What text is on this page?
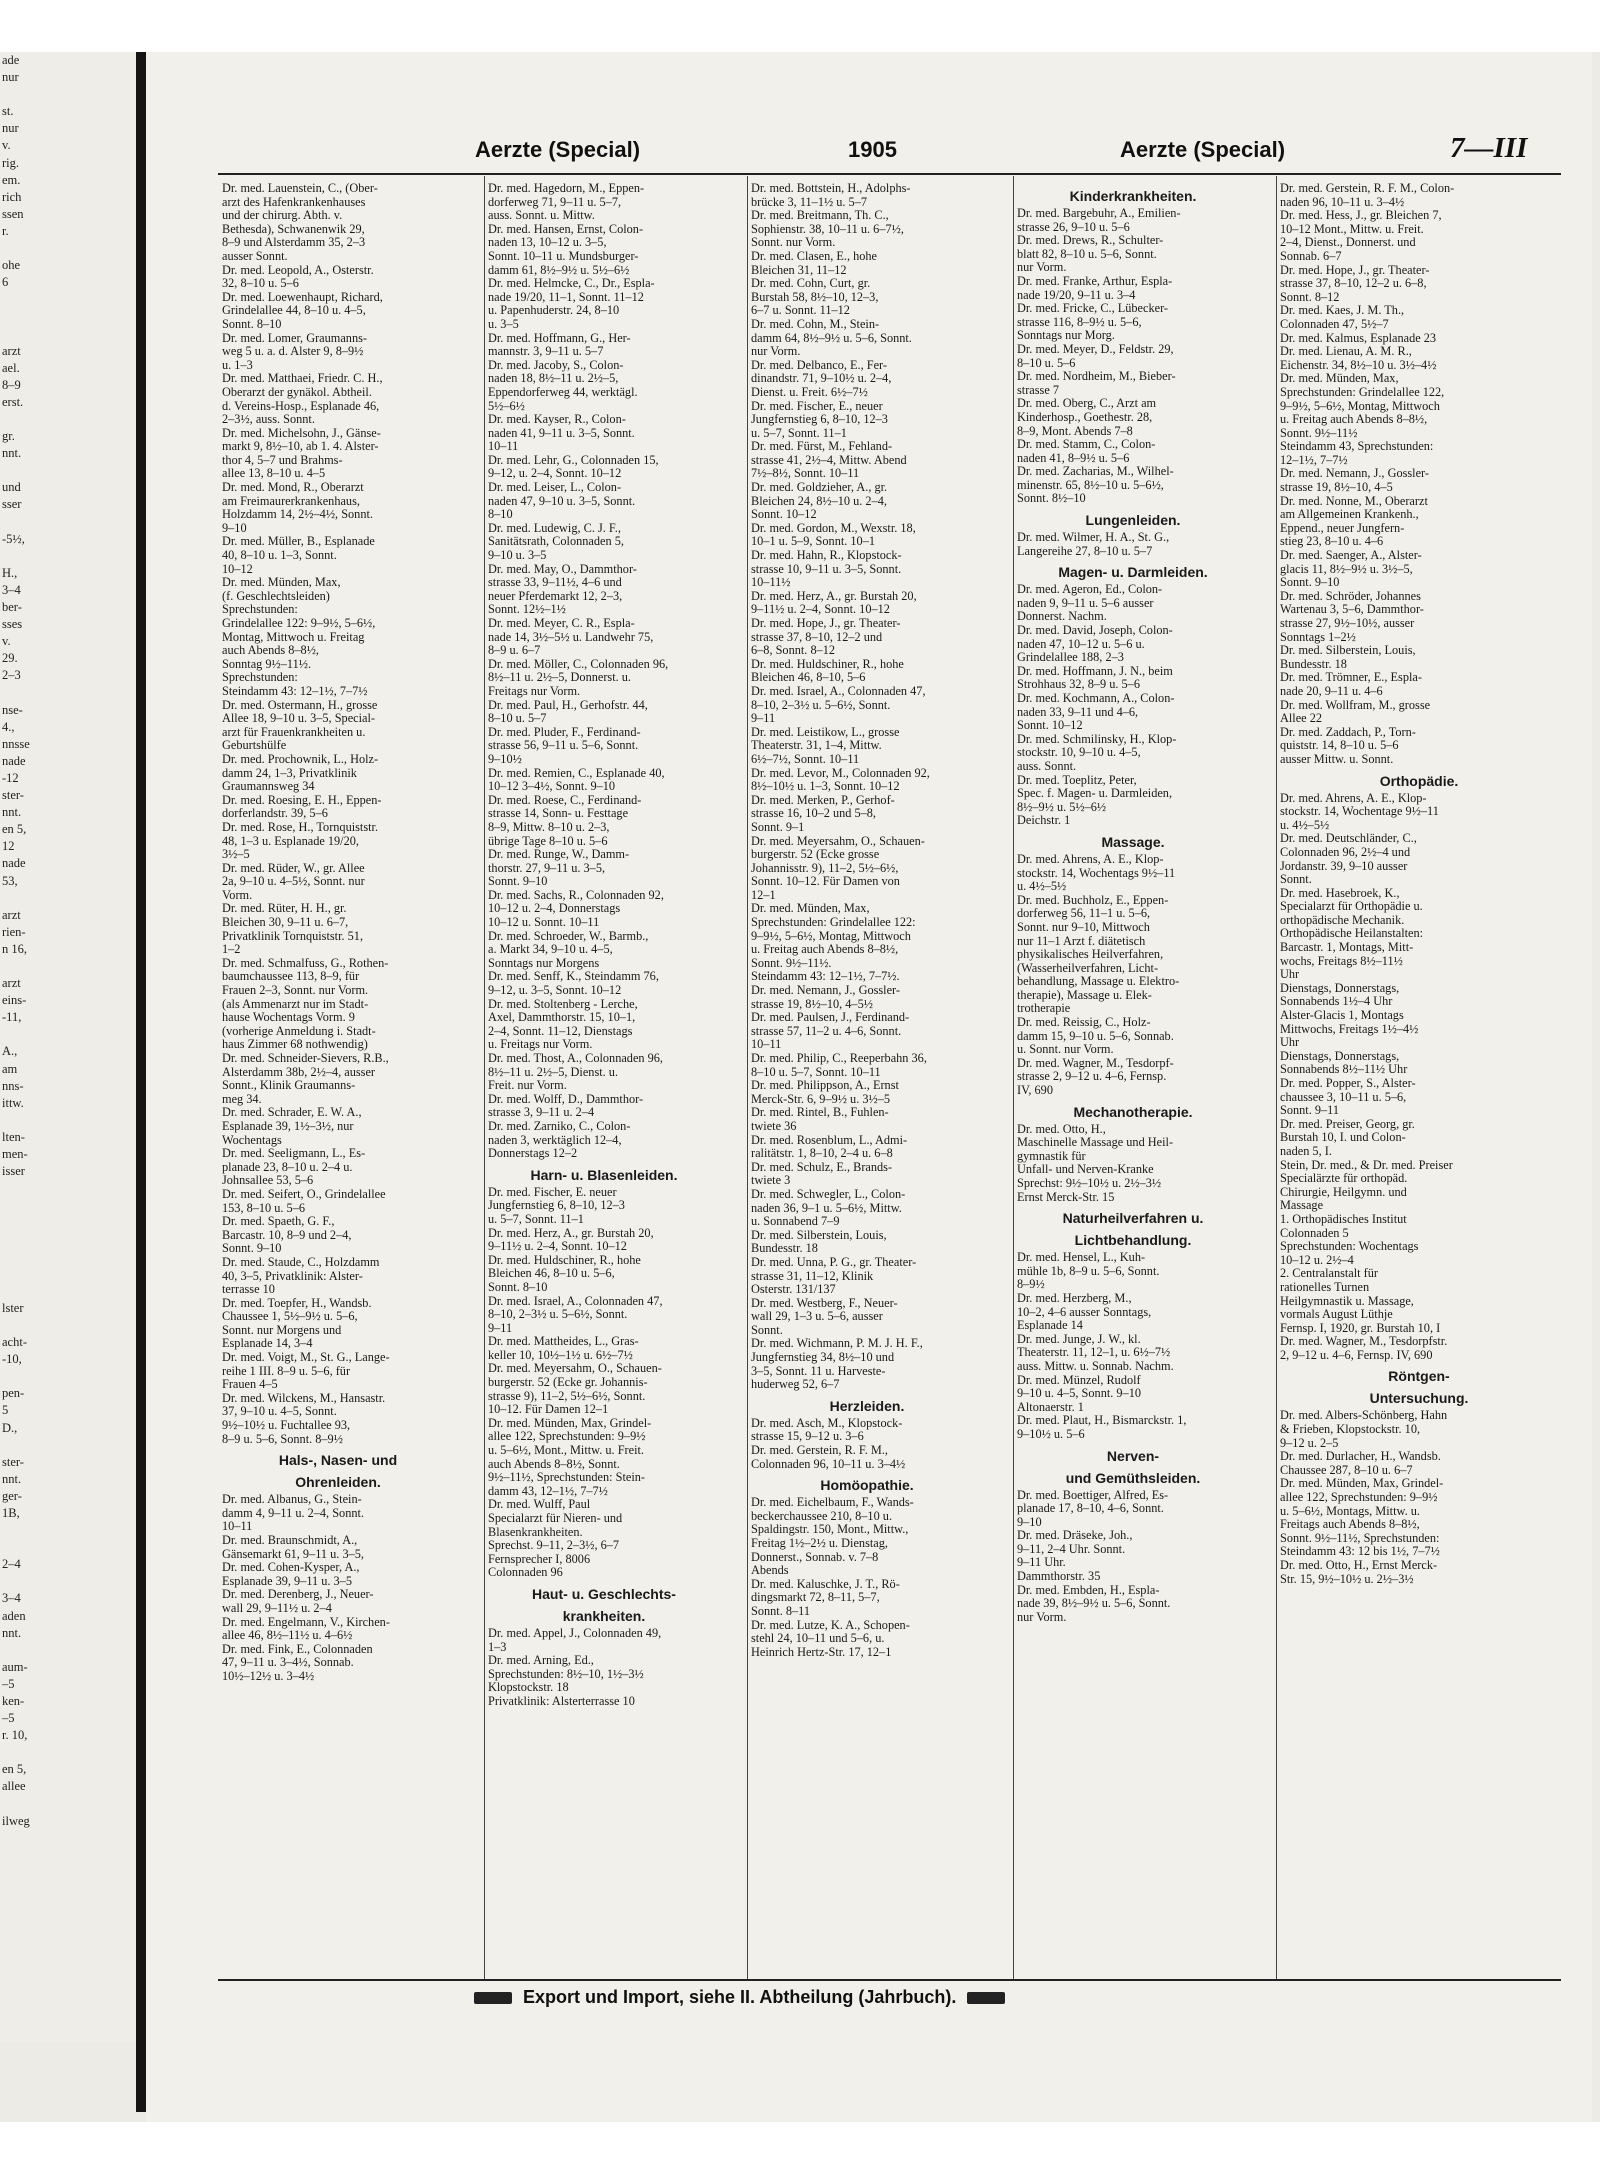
ade
nur

st.
nur
v.
rig.
em.
rich
ssen
r.

ohe
6

arzt
ael.
8–9
erst.

gr.
nnt.

und
sser

-5½,

H.,
3–4
ber-
sses
v.
29.
2–3

nse-
4.,
nnsse
nade
-12
ster-
nnt.
en 5,
12
nade
53,

arzt
rien-
n 16,

arzt
eins-
-11,

A.,
am
nns-
ittw.

lten-
men-
isser

lster

acht-
-10,

pen-
5
D.,

ster-
nnt.
ger-
1B,

2–4

3–4
aden
nnt.

aum-
–5
ken-
–5
r. 10,

en 5,
allee

ilweg
Aerzte (Special)	1905	Aerzte (Special)	7—III
Dr. med. Lauenstein, C., (Ober-
arzt des Hafenkrankenhauses
und der chirurg. Abth. v.
Bethesda), Schwanenwik 29,
8–9 und Alsterdamm 35, 2–3
ausser Sonnt.
Dr. med. Leopold, A., Osterstr.
32, 8–10 u. 5–6
Dr. med. Loewenhaupt, Richard,
Grindelallee 44, 8–10 u. 4–5,
Sonnt. 8–10
Dr. med. Lomer, Graumanns-
weg 5 u. a. d. Alster 9, 8–9½
u. 1–3
Dr. med. Matthaei, Friedr. C. H.,
Oberarzt der gynäkol. Abtheil.
d. Vereins-Hosp., Esplanade 46,
2–3½, auss. Sonnt.
Dr. med. Michelsohn, J., Gänse-
markt 9, 8½–10, ab 1. 4. Alster-
thor 4, 5–7 und Brahms-
allee 13, 8–10 u. 4–5
Dr. med. Mond, R., Oberarzt
am Freimaurerkrankenhaus,
Holzdamm 14, 2½–4½, Sonnt.
9–10
Dr. med. Müller, B., Esplanade
40, 8–10 u. 1–3, Sonnt.
10–12
Dr. med. Münden, Max,
(f. Geschlechtsleiden)
Sprechstunden:
Grindelallee 122: 9–9½, 5–6½,
Montag, Mittwoch u. Freitag
auch Abends 8–8½,
Sonntag 9½–11½.
Sprechstunden:
Steindamm 43: 12–1½, 7–7½
Dr. med. Ostermann, H., grosse
Allee 18, 9–10 u. 3–5, Special-
arzt für Frauenkrankheiten u.
Geburtshülfe
Dr. med. Prochownik, L., Holz-
damm 24, 1–3, Privatklinik
Graumannsweg 34
Dr. med. Roesing, E. H., Eppen-
dorferlandstr. 39, 5–6
Dr. med. Rose, H., Tornquiststr.
48, 1–3 u. Esplanade 19/20,
3½–5
Dr. med. Rüder, W., gr. Allee
2a, 9–10 u. 4–5½, Sonnt. nur
Vorm.
Dr. med. Rüter, H. H., gr.
Bleichen 30, 9–11 u. 6–7,
Privatklinik Tornquiststr. 51,
1–2
Dr. med. Schmalfuss, G., Rothen-
baumchaussee 113, 8–9, für
Frauen 2–3, Sonnt. nur Vorm.
(als Ammenarzt nur im Stadt-
hause Wochentags Vorm. 9
(vorherige Anmeldung i. Stadt-
haus Zimmer 68 nothwendig)
Dr. med. Schneider-Sievers, R.B.,
Alsterdamm 38b, 2½–4, ausser
Sonnt., Klinik Graumanns-
meg 34.
Dr. med. Schrader, E. W. A.,
Esplanade 39, 1½–3½, nur
Wochentags
Dr. med. Seeligmann, L., Es-
planade 23, 8–10 u. 2–4 u.
Johnsallee 53, 5–6
Dr. med. Seifert, O., Grindelallee
153, 8–10 u. 5–6
Dr. med. Spaeth, G. F.,
Barcastr. 10, 8–9 und 2–4,
Sonnt. 9–10
Dr. med. Staude, C., Holzdamm
40, 3–5, Privatklinik: Alster-
terrasse 10
Dr. med. Toepfer, H., Wandsb.
Chaussee 1, 5½–9½ u. 5–6,
Sonnt. nur Morgens und
Esplanade 14, 3–4
Dr. med. Voigt, M., St. G., Lange-
reihe 1 III. 8–9 u. 5–6, für
Frauen 4–5
Dr. med. Wilckens, M., Hansastr.
37, 9–10 u. 4–5, Sonnt.
9½–10½ u. Fuchtallee 93,
8–9 u. 5–6, Sonnt. 8–9½
Hals-, Nasen- und
Ohrenleiden.
Dr. med. Albanus, G., Stein-
damm 4, 9–11 u. 2–4, Sonnt.
10–11
Dr. med. Braunschmidt, A.,
Gänsemarkt 61, 9–11 u. 3–5,
Dr. med. Cohen-Kysper, A.,
Esplanade 39, 9–11 u. 3–5
Dr. med. Derenberg, J., Neuer-
wall 29, 9–11½ u. 2–4
Dr. med. Engelmann, V., Kirchen-
allee 46, 8½–11½ u. 4–6½
Dr. med. Fink, E., Colonnaden
47, 9–11 u. 3–4½, Sonnab.
10½–12½ u. 3–4½
Dr. med. Hagedorn, M., Eppen-
dorferweg 71, 9–11 u. 5–7,
auss. Sonnt. u. Mittw.
Dr. med. Hansen, Ernst, Colon-
naden 13, 10–12 u. 3–5,
Sonnt. 10–11 u. Mundsburger-
damm 61, 8½–9½ u. 5½–6½
Dr. med. Helmcke, C., Dr., Espla-
nade 19/20, 11–1, Sonnt. 11–12
u. Papenhuderstr. 24, 8–10
u. 3–5
Dr. med. Hoffmann, G., Her-
mannstr. 3, 9–11 u. 5–7
Dr. med. Jacoby, S., Colon-
naden 18, 8½–11 u. 2½–5,
Eppendorferweg 44, werktägl.
5½–6½
Dr. med. Kayser, R., Colon-
naden 41, 9–11 u. 3–5, Sonnt.
10–11
Dr. med. Lehr, G., Colonnaden 15,
9–12, u. 2–4, Sonnt. 10–12
Dr. med. Leiser, L., Colon-
naden 47, 9–10 u. 3–5, Sonnt.
8–10
Dr. med. Ludewig, C. J. F.,
Sanitätsrath, Colonnaden 5,
9–10 u. 3–5
Dr. med. May, O., Dammthor-
strasse 33, 9–11½, 4–6 und
neuer Pferdemarkt 12, 2–3,
Sonnt. 12½–1½
Dr. med. Meyer, C. R., Espla-
nade 14, 3½–5½ u. Landwehr 75,
8–9 u. 6–7
Dr. med. Möller, C., Colonnaden 96,
8½–11 u. 2½–5, Donnerst. u.
Freitags nur Vorm.
Dr. med. Paul, H., Gerhofstr. 44,
8–10 u. 5–7
Dr. med. Pluder, F., Ferdinand-
strasse 56, 9–11 u. 5–6, Sonnt.
9–10½
Dr. med. Remien, C., Esplanade 40,
10–12 3–4½, Sonnt. 9–10
Dr. med. Roese, C., Ferdinand-
strasse 14, Sonn- u. Festtage
8–9, Mittw. 8–10 u. 2–3,
übrige Tage 8–10 u. 5–6
Dr. med. Runge, W., Damm-
thorstr. 27, 9–11 u. 3–5,
Sonnt. 9–10
Dr. med. Sachs, R., Colonnaden 92,
10–12 u. 2–4, Donnerstags
10–12 u. Sonnt. 10–11
Dr. med. Schroeder, W., Barmb.,
a. Markt 34, 9–10 u. 4–5,
Sonntags nur Morgens
Dr. med. Senff, K., Steindamm 76,
9–12, u. 3–5, Sonnt. 10–12
Dr. med. Stoltenberg - Lerche,
Axel, Dammthorstr. 15, 10–1,
2–4, Sonnt. 11–12, Dienstags
u. Freitags nur Vorm.
Dr. med. Thost, A., Colonnaden 96,
8½–11 u. 2½–5, Dienst. u.
Freit. nur Vorm.
Dr. med. Wolff, D., Dammthor-
strasse 3, 9–11 u. 2–4
Dr. med. Zarniko, C., Colon-
naden 3, werktäglich 12–4,
Donnerstags 12–2
Harn- u. Blasenleiden.
Dr. med. Fischer, E. neuer
Jungfernstieg 6, 8–10, 12–3
u. 5–7, Sonnt. 11–1
Dr. med. Herz, A., gr. Burstah 20,
9–11½ u. 2–4, Sonnt. 10–12
Dr. med. Huldschiner, R., hohe
Bleichen 46, 8–10 u. 5–6,
Sonnt. 8–10
Dr. med. Israel, A., Colonnaden 47,
8–10, 2–3½ u. 5–6½, Sonnt.
9–11
Dr. med. Mattheides, L., Gras-
keller 10, 10½–1½ u. 6½–7½
Dr. med. Meyersahm, O., Schauen-
burgerstr. 52 (Ecke gr. Johannis-
strasse 9), 11–2, 5½–6½, Sonnt.
10–12. Für Damen 12–1
Dr. med. Münden, Max, Grindel-
allee 122, Sprechstunden: 9–9½
u. 5–6½, Mont., Mittw. u. Freit.
auch Abends 8–8½, Sonnt.
9½–11½, Sprechstunden: Stein-
damm 43, 12–1½, 7–7½
Dr. med. Wulff, Paul
Specialarzt für Nieren- und
Blasenkrankheiten.
Sprechst. 9–11, 2–3½, 6–7
Fernsprecher I, 8006
Colonnaden 96
Haut- u. Geschlechts-
krankheiten.
Dr. med. Appel, J., Colonnaden 49,
1–3
Dr. med. Arning, Ed.,
Sprechstunden: 8½–10, 1½–3½
Klopstockstr. 18
Privatklinik: Alsterterrasse 10
Dr. med. Bottstein, H., Adolphs-
brücke 3, 11–1½ u. 5–7
Dr. med. Breitmann, Th. C.,
Sophienstr. 38, 10–11 u. 6–7½,
Sonnt. nur Vorm.
Dr. med. Clasen, E., hohe
Bleichen 31, 11–12
Dr. med. Cohn, Curt, gr.
Burstah 58, 8½–10, 12–3,
6–7 u. Sonnt. 11–12
Dr. med. Cohn, M., Stein-
damm 64, 8½–9½ u. 5–6, Sonnt.
nur Vorm.
Dr. med. Delbanco, E., Fer-
dinandstr. 71, 9–10½ u. 2–4,
Dienst. u. Freit. 6½–7½
Dr. med. Fischer, E., neuer
Jungfernstieg 6, 8–10, 12–3
u. 5–7, Sonnt. 11–1
Dr. med. Fürst, M., Fehland-
strasse 41, 2½–4, Mittw. Abend
7½–8½, Sonnt. 10–11
Dr. med. Goldzieher, A., gr.
Bleichen 24, 8½–10 u. 2–4,
Sonnt. 10–12
Dr. med. Gordon, M., Wexstr. 18,
10–1 u. 5–9, Sonnt. 10–1
Dr. med. Hahn, R., Klopstock-
strasse 10, 9–11 u. 3–5, Sonnt.
10–11½
Dr. med. Herz, A., gr. Burstah 20,
9–11½ u. 2–4, Sonnt. 10–12
Dr. med. Hope, J., gr. Theater-
strasse 37, 8–10, 12–2 und
6–8, Sonnt. 8–12
Dr. med. Huldschiner, R., hohe
Bleichen 46, 8–10, 5–6
Dr. med. Israel, A., Colonnaden 47,
8–10, 2–3½ u. 5–6½, Sonnt.
9–11
Dr. med. Leistikow, L., grosse
Theaterstr. 31, 1–4, Mittw.
6½–7½, Sonnt. 10–11
Dr. med. Levor, M., Colonnaden 92,
8½–10½ u. 1–3, Sonnt. 10–12
Dr. med. Merken, P., Gerhof-
strasse 16, 10–2 und 5–8,
Sonnt. 9–1
Dr. med. Meyersahm, O., Schauen-
burgerstr. 52 (Ecke grosse
Johannisstr. 9), 11–2, 5½–6½,
Sonnt. 10–12. Für Damen von
12–1
Dr. med. Münden, Max,
Sprechstunden: Grindelallee 122:
9–9½, 5–6½, Montag, Mittwoch
u. Freitag auch Abends 8–8½,
Sonnt. 9½–11½.
Steindamm 43: 12–1½, 7–7½.
Dr. med. Nemann, J., Gossler-
strasse 19, 8½–10, 4–5½
Dr. med. Paulsen, J., Ferdinand-
strasse 57, 11–2 u. 4–6, Sonnt.
10–11
Dr. med. Philip, C., Reeperbahn 36,
8–10 u. 5–7, Sonnt. 10–11
Dr. med. Philippson, A., Ernst
Merck-Str. 6, 9–9½ u. 3½–5
Dr. med. Rintel, B., Fuhlen-
twiete 36
Dr. med. Rosenblum, L., Admi-
ralitätstr. 1, 8–10, 2–4 u. 6–8
Dr. med. Schulz, E., Brands-
twiete 3
Dr. med. Schwegler, L., Colon-
naden 36, 9–1 u. 5–6½, Mittw.
u. Sonnabend 7–9
Dr. med. Silberstein, Louis,
Bundesstr. 18
Dr. med. Unna, P. G., gr. Theater-
strasse 31, 11–12, Klinik
Osterstr. 131/137
Dr. med. Westberg, F., Neuer-
wall 29, 1–3 u. 5–6, ausser
Sonnt.
Dr. med. Wichmann, P. M. J. H. F.,
Jungfernstieg 34, 8½–10 und
3–5, Sonnt. 11 u. Harveste-
huderweg 52, 6–7
Herzleiden.
Dr. med. Asch, M., Klopstock-
strasse 15, 9–12 u. 3–6
Dr. med. Gerstein, R. F. M.,
Colonnaden 96, 10–11 u. 3–4½
Homöopathie.
Dr. med. Eichelbaum, F., Wands-
beckerchaussee 210, 8–10 u.
Spaldingstr. 150, Mont., Mittw.,
Freitag 1½–2½ u. Dienstag,
Donnerst., Sonnab. v. 7–8
Abends
Dr. med. Kaluschke, J. T., Rö-
dingsmarkt 72, 8–11, 5–7,
Sonnt. 8–11
Dr. med. Lutze, K. A., Schopen-
stehl 24, 10–11 und 5–6, u.
Heinrich Hertz-Str. 17, 12–1
Kinderkrankheiten.
Dr. med. Bargebuhr, A., Emilien-
strasse 26, 9–10 u. 5–6
Dr. med. Drews, R., Schulter-
blatt 82, 8–10 u. 5–6, Sonnt.
nur Vorm.
Dr. med. Franke, Arthur, Espla-
nade 19/20, 9–11 u. 3–4
Dr. med. Fricke, C., Lübecker-
strasse 116, 8–9½ u. 5–6,
Sonntags nur Morg.
Dr. med. Meyer, D., Feldstr. 29,
8–10 u. 5–6
Dr. med. Nordheim, M., Bieber-
strasse 7
Dr. med. Oberg, C., Arzt am
Kinderhosp., Goethestr. 28,
8–9, Mont. Abends 7–8
Dr. med. Stamm, C., Colon-
naden 41, 8–9½ u. 5–6
Dr. med. Zacharias, M., Wilhel-
minenstr. 65, 8½–10 u. 5–6½,
Sonnt. 8½–10
Lungenleiden.
Dr. med. Wilmer, H. A., St. G.,
Langereihe 27, 8–10 u. 5–7
Magen- u. Darmleiden.
Dr. med. Ageron, Ed., Colon-
naden 9, 9–11 u. 5–6 ausser
Donnerst. Nachm.
Dr. med. David, Joseph, Colon-
naden 47, 10–12 u. 5–6 u.
Grindelallee 188, 2–3
Dr. med. Hoffmann, J. N., beim
Strohhaus 32, 8–9 u. 5–6
Dr. med. Kochmann, A., Colon-
naden 33, 9–11 und 4–6,
Sonnt. 10–12
Dr. med. Schmilinsky, H., Klop-
stockstr. 10, 9–10 u. 4–5,
auss. Sonnt.
Dr. med. Toeplitz, Peter,
Spec. f. Magen- u. Darmleiden,
8½–9½ u. 5½–6½
Deichstr. 1
Massage.
Dr. med. Ahrens, A. E., Klop-
stockstr. 14, Wochentags 9½–11
u. 4½–5½
Dr. med. Buchholz, E., Eppen-
dorferweg 56, 11–1 u. 5–6,
Sonnt. nur 9–10, Mittwoch
nur 11–1 Arzt f. diätetisch
physikalisches Heilverfahren,
(Wasserheilverfahren, Licht-
behandlung, Massage u. Elektro-
therapie), Massage u. Elek-
trotherapie
Dr. med. Reissig, C., Holz-
damm 15, 9–10 u. 5–6, Sonnab.
u. Sonnt. nur Vorm.
Dr. med. Wagner, M., Tesdorpf-
strasse 2, 9–12 u. 4–6, Fernsp.
IV, 690
Mechanotherapie.
Dr. med. Otto, H.,
Maschinelle Massage und Heil-
gymnastik für
Unfall- und Nerven-Kranke
Sprechst: 9½–10½ u. 2½–3½
Ernst Merck-Str. 15
Naturheilverfahren u.
Lichtbehandlung.
Dr. med. Hensel, L., Kuh-
mühle 1b, 8–9 u. 5–6, Sonnt.
8–9½
Dr. med. Herzberg, M.,
10–2, 4–6 ausser Sonntags,
Esplanade 14
Dr. med. Junge, J. W., kl.
Theaterstr. 11, 12–1, u. 6½–7½
auss. Mittw. u. Sonnab. Nachm.
Dr. med. Münzel, Rudolf
9–10 u. 4–5, Sonnt. 9–10
Altonaerstr. 1
Dr. med. Plaut, H., Bismarckstr. 1,
9–10½ u. 5–6
Nerven-
und Gemüthsleiden.
Dr. med. Boettiger, Alfred, Es-
planade 17, 8–10, 4–6, Sonnt.
9–10
Dr. med. Dräseke, Joh.,
9–11, 2–4 Uhr. Sonnt.
9–11 Uhr.
Dammthorstr. 35
Dr. med. Embden, H., Espla-
nade 39, 8½–9½ u. 5–6, Sonnt.
nur Vorm.
Dr. med. Gerstein, R. F. M., Colon-
naden 96, 10–11 u. 3–4½
Dr. med. Hess, J., gr. Bleichen 7,
10–12 Mont., Mittw. u. Freit.
2–4, Dienst., Donnerst. und
Sonnab. 6–7
Dr. med. Hope, J., gr. Theater-
strasse 37, 8–10, 12–2 u. 6–8,
Sonnt. 8–12
Dr. med. Kaes, J. M. Th.,
Colonnaden 47, 5½–7
Dr. med. Kalmus, Esplanade 23
Dr. med. Lienau, A. M. R.,
Eichenstr. 34, 8½–10 u. 3½–4½
Dr. med. Münden, Max,
Sprechstunden: Grindelallee 122,
9–9½, 5–6½, Montag, Mittwoch
u. Freitag auch Abends 8–8½,
Sonnt. 9½–11½
Steindamm 43, Sprechstunden:
12–1½, 7–7½
Dr. med. Nemann, J., Gossler-
strasse 19, 8½–10, 4–5
Dr. med. Nonne, M., Oberarzt
am Allgemeinen Krankenh.,
Eppend., neuer Jungfern-
stieg 23, 8–10 u. 4–6
Dr. med. Saenger, A., Alster-
glacis 11, 8½–9½ u. 3½–5,
Sonnt. 9–10
Dr. med. Schröder, Johannes
Wartenau 3, 5–6, Dammthor-
strasse 27, 9½–10½, ausser
Sonntags 1–2½
Dr. med. Silberstein, Louis,
Bundesstr. 18
Dr. med. Trömner, E., Espla-
nade 20, 9–11 u. 4–6
Dr. med. Wollfram, M., grosse
Allee 22
Dr. med. Zaddach, P., Torn-
quiststr. 14, 8–10 u. 5–6
ausser Mittw. u. Sonnt.
Orthopädie.
Dr. med. Ahrens, A. E., Klop-
stockstr. 14, Wochentage 9½–11
u. 4½–5½
Dr. med. Deutschländer, C.,
Colonnaden 96, 2½–4 und
Jordanstr. 39, 9–10 ausser
Sonnt.
Dr. med. Hasebroek, K.,
Specialarzt für Orthopädie u.
orthopädische Mechanik.
Orthopädische Heilanstalten:
Barcastr. 1, Montags, Mitt-
wochs, Freitags 8½–11½
Uhr
Dienstags, Donnerstags,
Sonnabends 1½–4 Uhr
Alster-Glacis 1, Montags
Mittwochs, Freitags 1½–4½
Uhr
Dienstags, Donnerstags,
Sonnabends 8½–11½ Uhr
Dr. med. Popper, S., Alster-
chaussee 3, 10–11 u. 5–6,
Sonnt. 9–11
Dr. med. Preiser, Georg, gr.
Burstah 10, I. und Colon-
naden 5, I.
Stein, Dr. med., & Dr. med. Preiser
Specialärzte für orthopäd.
Chirurgie, Heilgymn. und
Massage
1. Orthopädisches Institut
Colonnaden 5
Sprechstunden: Wochentags
10–12 u. 2½–4
2. Centralanstalt für
rationelles Turnen
Heilgymnastik u. Massage,
vormals August Lüthje
Fernsp. I, 1920, gr. Burstah 10, I
Dr. med. Wagner, M., Tesdorpfstr.
2, 9–12 u. 4–6, Fernsp. IV, 690
Röntgen-
Untersuchung.
Dr. med. Albers-Schönberg, Hahn
& Frieben, Klopstockstr. 10,
9–12 u. 2–5
Dr. med. Durlacher, H., Wandsb.
Chaussee 287, 8–10 u. 6–7
Dr. med. Münden, Max, Grindel-
allee 122, Sprechstunden: 9–9½
u. 5–6½, Montags, Mittw. u.
Freitags auch Abends 8–8½,
Sonnt. 9½–11½, Sprechstunden:
Steindamm 43: 12 bis 1½, 7–7½
Dr. med. Otto, H., Ernst Merck-
Str. 15, 9½–10½ u. 2½–3½
Export und Import, siehe II. Abtheilung (Jahrbuch).
